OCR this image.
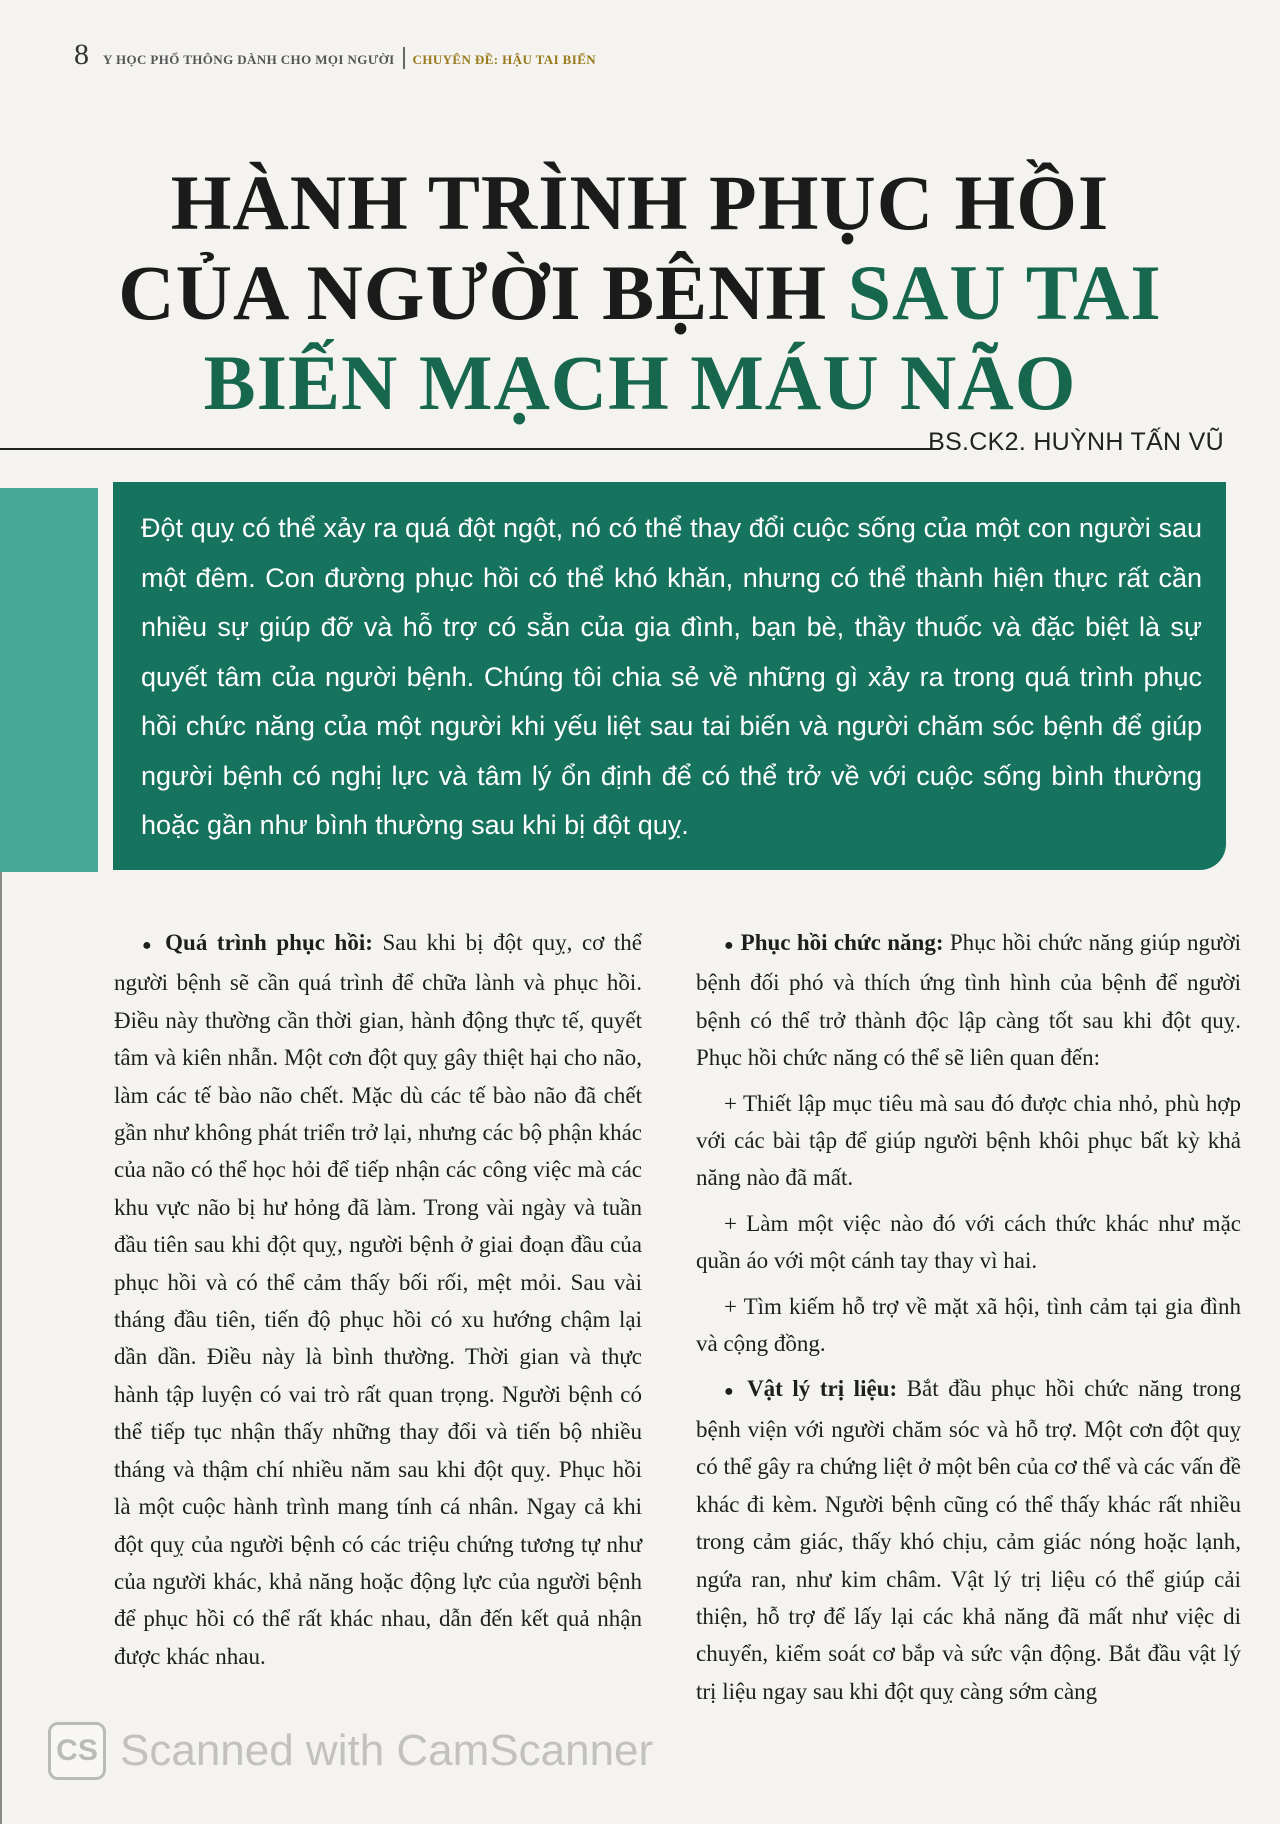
8 Y HỌC PHỔ THÔNG DÀNH CHO MỌI NGƯỜI CHUYÊN ĐỀ: HẬU TAI BIẾN
HÀNH TRÌNH PHỤC HỒI
CỦA NGƯỜI BỆNH SAU TAI
BIẾN MẠCH MÁU NÃO
BS.CK2. HUỲNH TẤN VŨ

Đột quỵ có thể xảy ra quá đột ngột, nó có thể thay đổi cuộc sống của một con người sau một đêm. Con đường phục hồi có thể khó khăn, nhưng có thể thành hiện thực rất cần nhiều sự giúp đỡ và hỗ trợ có sẵn của gia đình, bạn bè, thầy thuốc và đặc biệt là sự quyết tâm của người bệnh. Chúng tôi chia sẻ về những gì xảy ra trong quá trình phục hồi chức năng của một người khi yếu liệt sau tai biến và người chăm sóc bệnh để giúp người bệnh có nghị lực và tâm lý ổn định để có thể trở về với cuộc sống bình thường hoặc gần như bình thường sau khi bị đột quỵ.

● Quá trình phục hồi: Sau khi bị đột quỵ, cơ thể người bệnh sẽ cần quá trình để chữa lành và phục hồi. Điều này thường cần thời gian, hành động thực tế, quyết tâm và kiên nhẫn. Một cơn đột quỵ gây thiệt hại cho não, làm các tế bào não chết. Mặc dù các tế bào não đã chết gần như không phát triển trở lại, nhưng các bộ phận khác của não có thể học hỏi để tiếp nhận các công việc mà các khu vực não bị hư hỏng đã làm. Trong vài ngày và tuần đầu tiên sau khi đột quỵ, người bệnh ở giai đoạn đầu của phục hồi và có thể cảm thấy bối rối, mệt mỏi. Sau vài tháng đầu tiên, tiến độ phục hồi có xu hướng chậm lại dần dần. Điều này là bình thường. Thời gian và thực hành tập luyện có vai trò rất quan trọng. Người bệnh có thể tiếp tục nhận thấy những thay đổi và tiến bộ nhiều tháng và thậm chí nhiều năm sau khi đột quỵ. Phục hồi là một cuộc hành trình mang tính cá nhân. Ngay cả khi đột quỵ của người bệnh có các triệu chứng tương tự như của người khác, khả năng hoặc động lực của người bệnh để phục hồi có thể rất khác nhau, dẫn đến kết quả nhận được khác nhau.

● Phục hồi chức năng: Phục hồi chức năng giúp người bệnh đối phó và thích ứng tình hình của bệnh để người bệnh có thể trở thành độc lập càng tốt sau khi đột quỵ. Phục hồi chức năng có thể sẽ liên quan đến:

+ Thiết lập mục tiêu mà sau đó được chia nhỏ, phù hợp với các bài tập để giúp người bệnh khôi phục bất kỳ khả năng nào đã mất.

+ Làm một việc nào đó với cách thức khác như mặc quần áo với một cánh tay thay vì hai.

+ Tìm kiếm hỗ trợ về mặt xã hội, tình cảm tại gia đình và cộng đồng.

● Vật lý trị liệu: Bắt đầu phục hồi chức năng trong bệnh viện với người chăm sóc và hỗ trợ. Một cơn đột quỵ có thể gây ra chứng liệt ở một bên của cơ thể và các vấn đề khác đi kèm. Người bệnh cũng có thể thấy khác rất nhiều trong cảm giác, thấy khó chịu, cảm giác nóng hoặc lạnh, ngứa ran, như kim châm. Vật lý trị liệu có thể giúp cải thiện, hỗ trợ để lấy lại các khả năng đã mất như việc di chuyển, kiểm soát cơ bắp và sức vận động. Bắt đầu vật lý trị liệu ngay sau khi đột quỵ càng sớm càng

CS Scanned with CamScanner
